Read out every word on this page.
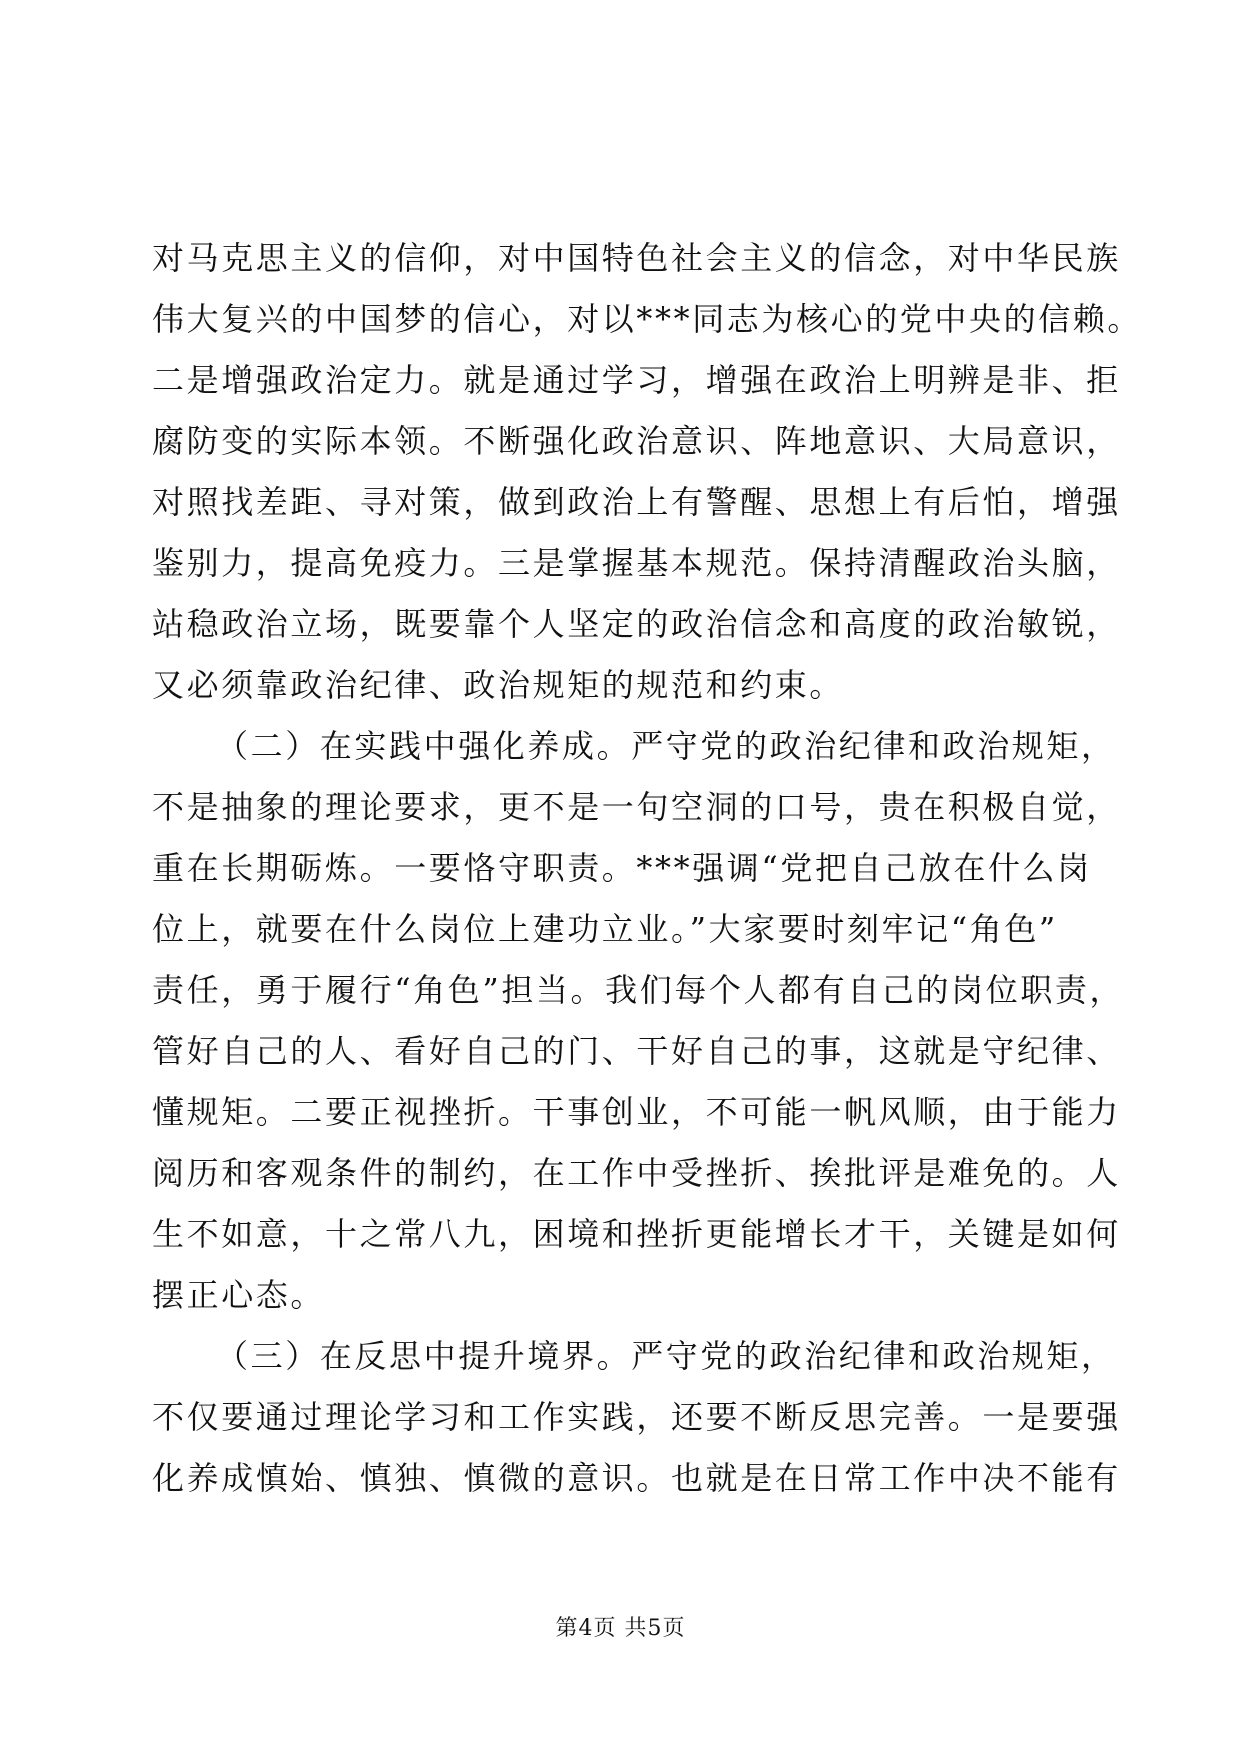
对马克思主义的信仰，对中国特色社会主义的信念，对中华民族
伟大复兴的中国梦的信心，对以***同志为核心的党中央的信赖。
二是增强政治定力。就是通过学习，增强在政治上明辨是非、拒
腐防变的实际本领。不断强化政治意识、阵地意识、大局意识，
对照找差距、寻对策，做到政治上有警醒、思想上有后怕，增强
鉴别力，提高免疫力。三是掌握基本规范。保持清醒政治头脑，
站稳政治立场，既要靠个人坚定的政治信念和高度的政治敏锐，
又必须靠政治纪律、政治规矩的规范和约束。
（二）在实践中强化养成。严守党的政治纪律和政治规矩，
不是抽象的理论要求，更不是一句空洞的口号，贵在积极自觉，
重在长期砺炼。一要恪守职责。***强调“党把自己放在什么岗
位上，就要在什么岗位上建功立业。”大家要时刻牢记“角色”
责任，勇于履行“角色”担当。我们每个人都有自己的岗位职责，
管好自己的人、看好自己的门、干好自己的事，这就是守纪律、
懂规矩。二要正视挫折。干事创业，不可能一帆风顺，由于能力
阅历和客观条件的制约，在工作中受挫折、挨批评是难免的。人
生不如意，十之常八九，困境和挫折更能增长才干，关键是如何
摆正心态。
（三）在反思中提升境界。严守党的政治纪律和政治规矩，
不仅要通过理论学习和工作实践，还要不断反思完善。一是要强
化养成慎始、慎独、慎微的意识。也就是在日常工作中决不能有
第4页 共5页
